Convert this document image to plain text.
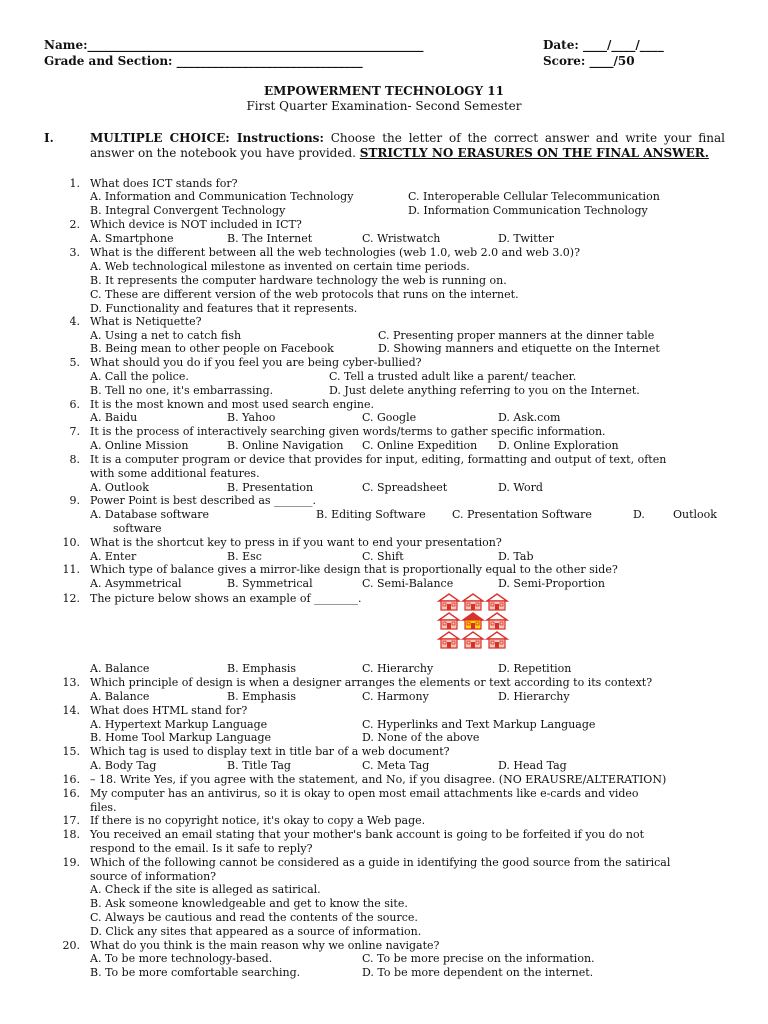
Name:________________________________________________________	Date: ____/____/____
Grade and Section: _______________________________	Score: ____/50
EMPOWERMENT TECHNOLOGY 11
First Quarter Examination- Second Semester
I.	MULTIPLE CHOICE: Instructions: Choose the letter of the correct answer and write your final answer on the notebook you have provided. STRICTLY NO ERASURES ON THE FINAL ANSWER.
1. What does ICT stands for?
A. Information and Communication Technology	C. Interoperable Cellular Telecommunication
B. Integral Convergent Technology	D. Information Communication Technology
2. Which device is NOT included in ICT?
A. Smartphone	B. The Internet	C. Wristwatch	D. Twitter
3. What is the different between all the web technologies (web 1.0, web 2.0 and web 3.0)?
A. Web technological milestone as invented on certain time periods.
B. It represents the computer hardware technology the web is running on.
C. These are different version of the web protocols that runs on the internet.
D. Functionality and features that it represents.
4. What is Netiquette?
A. Using a net to catch fish	C. Presenting proper manners at the dinner table
B. Being mean to other people on Facebook	D. Showing manners and etiquette on the Internet
5. What should you do if you feel you are being cyber-bullied?
A. Call the police.	C. Tell a trusted adult like a parent/ teacher.
B. Tell no one, it's embarrassing.	D. Just delete anything referring to you on the Internet.
6. It is the most known and most used search engine.
A. Baidu	B. Yahoo	C. Google	D. Ask.com
7. It is the process of interactively searching given words/terms to gather specific information.
A. Online Mission	B. Online Navigation C. Online Expedition D. Online Exploration
8. It is a computer program or device that provides for input, editing, formatting and output of text, often
with some additional features.
A. Outlook	B. Presentation	C. Spreadsheet	D. Word
9. Power Point is best described as _______.
A. Database software	B. Editing Software C. Presentation Software	D.	Outlook
software
10. What is the shortcut key to press in if you want to end your presentation?
A. Enter	B. Esc	C. Shift	D. Tab
11. Which type of balance gives a mirror-like design that is proportionally equal to the other side?
A. Asymmetrical	B. Symmetrical	C. Semi-Balance	D. Semi-Proportion
12. The picture below shows an example of ________.
A. Balance	B. Emphasis	C. Hierarchy	D. Repetition
13. Which principle of design is when a designer arranges the elements or text according to its context?
A. Balance	B. Emphasis	C. Harmony	D. Hierarchy
14. What does HTML stand for?
A. Hypertext Markup Language	C. Hyperlinks and Text Markup Language
B. Home Tool Markup Language	D. None of the above
15. Which tag is used to display text in title bar of a web document?
A. Body Tag	B. Title Tag	C. Meta Tag	D. Head Tag
16. – 18. Write Yes, if you agree with the statement, and No, if you disagree. (NO ERAUSRE/ALTERATION)
16. My computer has an antivirus, so it is okay to open most email attachments like e-cards and video
files.
17. If there is no copyright notice, it's okay to copy a Web page.
18. You received an email stating that your mother's bank account is going to be forfeited if you do not
respond to the email. Is it safe to reply?
19. Which of the following cannot be considered as a guide in identifying the good source from the satirical
source of information?
A. Check if the site is alleged as satirical.
B. Ask someone knowledgeable and get to know the site.
C. Always be cautious and read the contents of the source.
D. Click any sites that appeared as a source of information.
20. What do you think is the main reason why we online navigate?
A. To be more technology-based.	C. To be more precise on the information.
B. To be more comfortable searching.	D. To be more dependent on the internet.
